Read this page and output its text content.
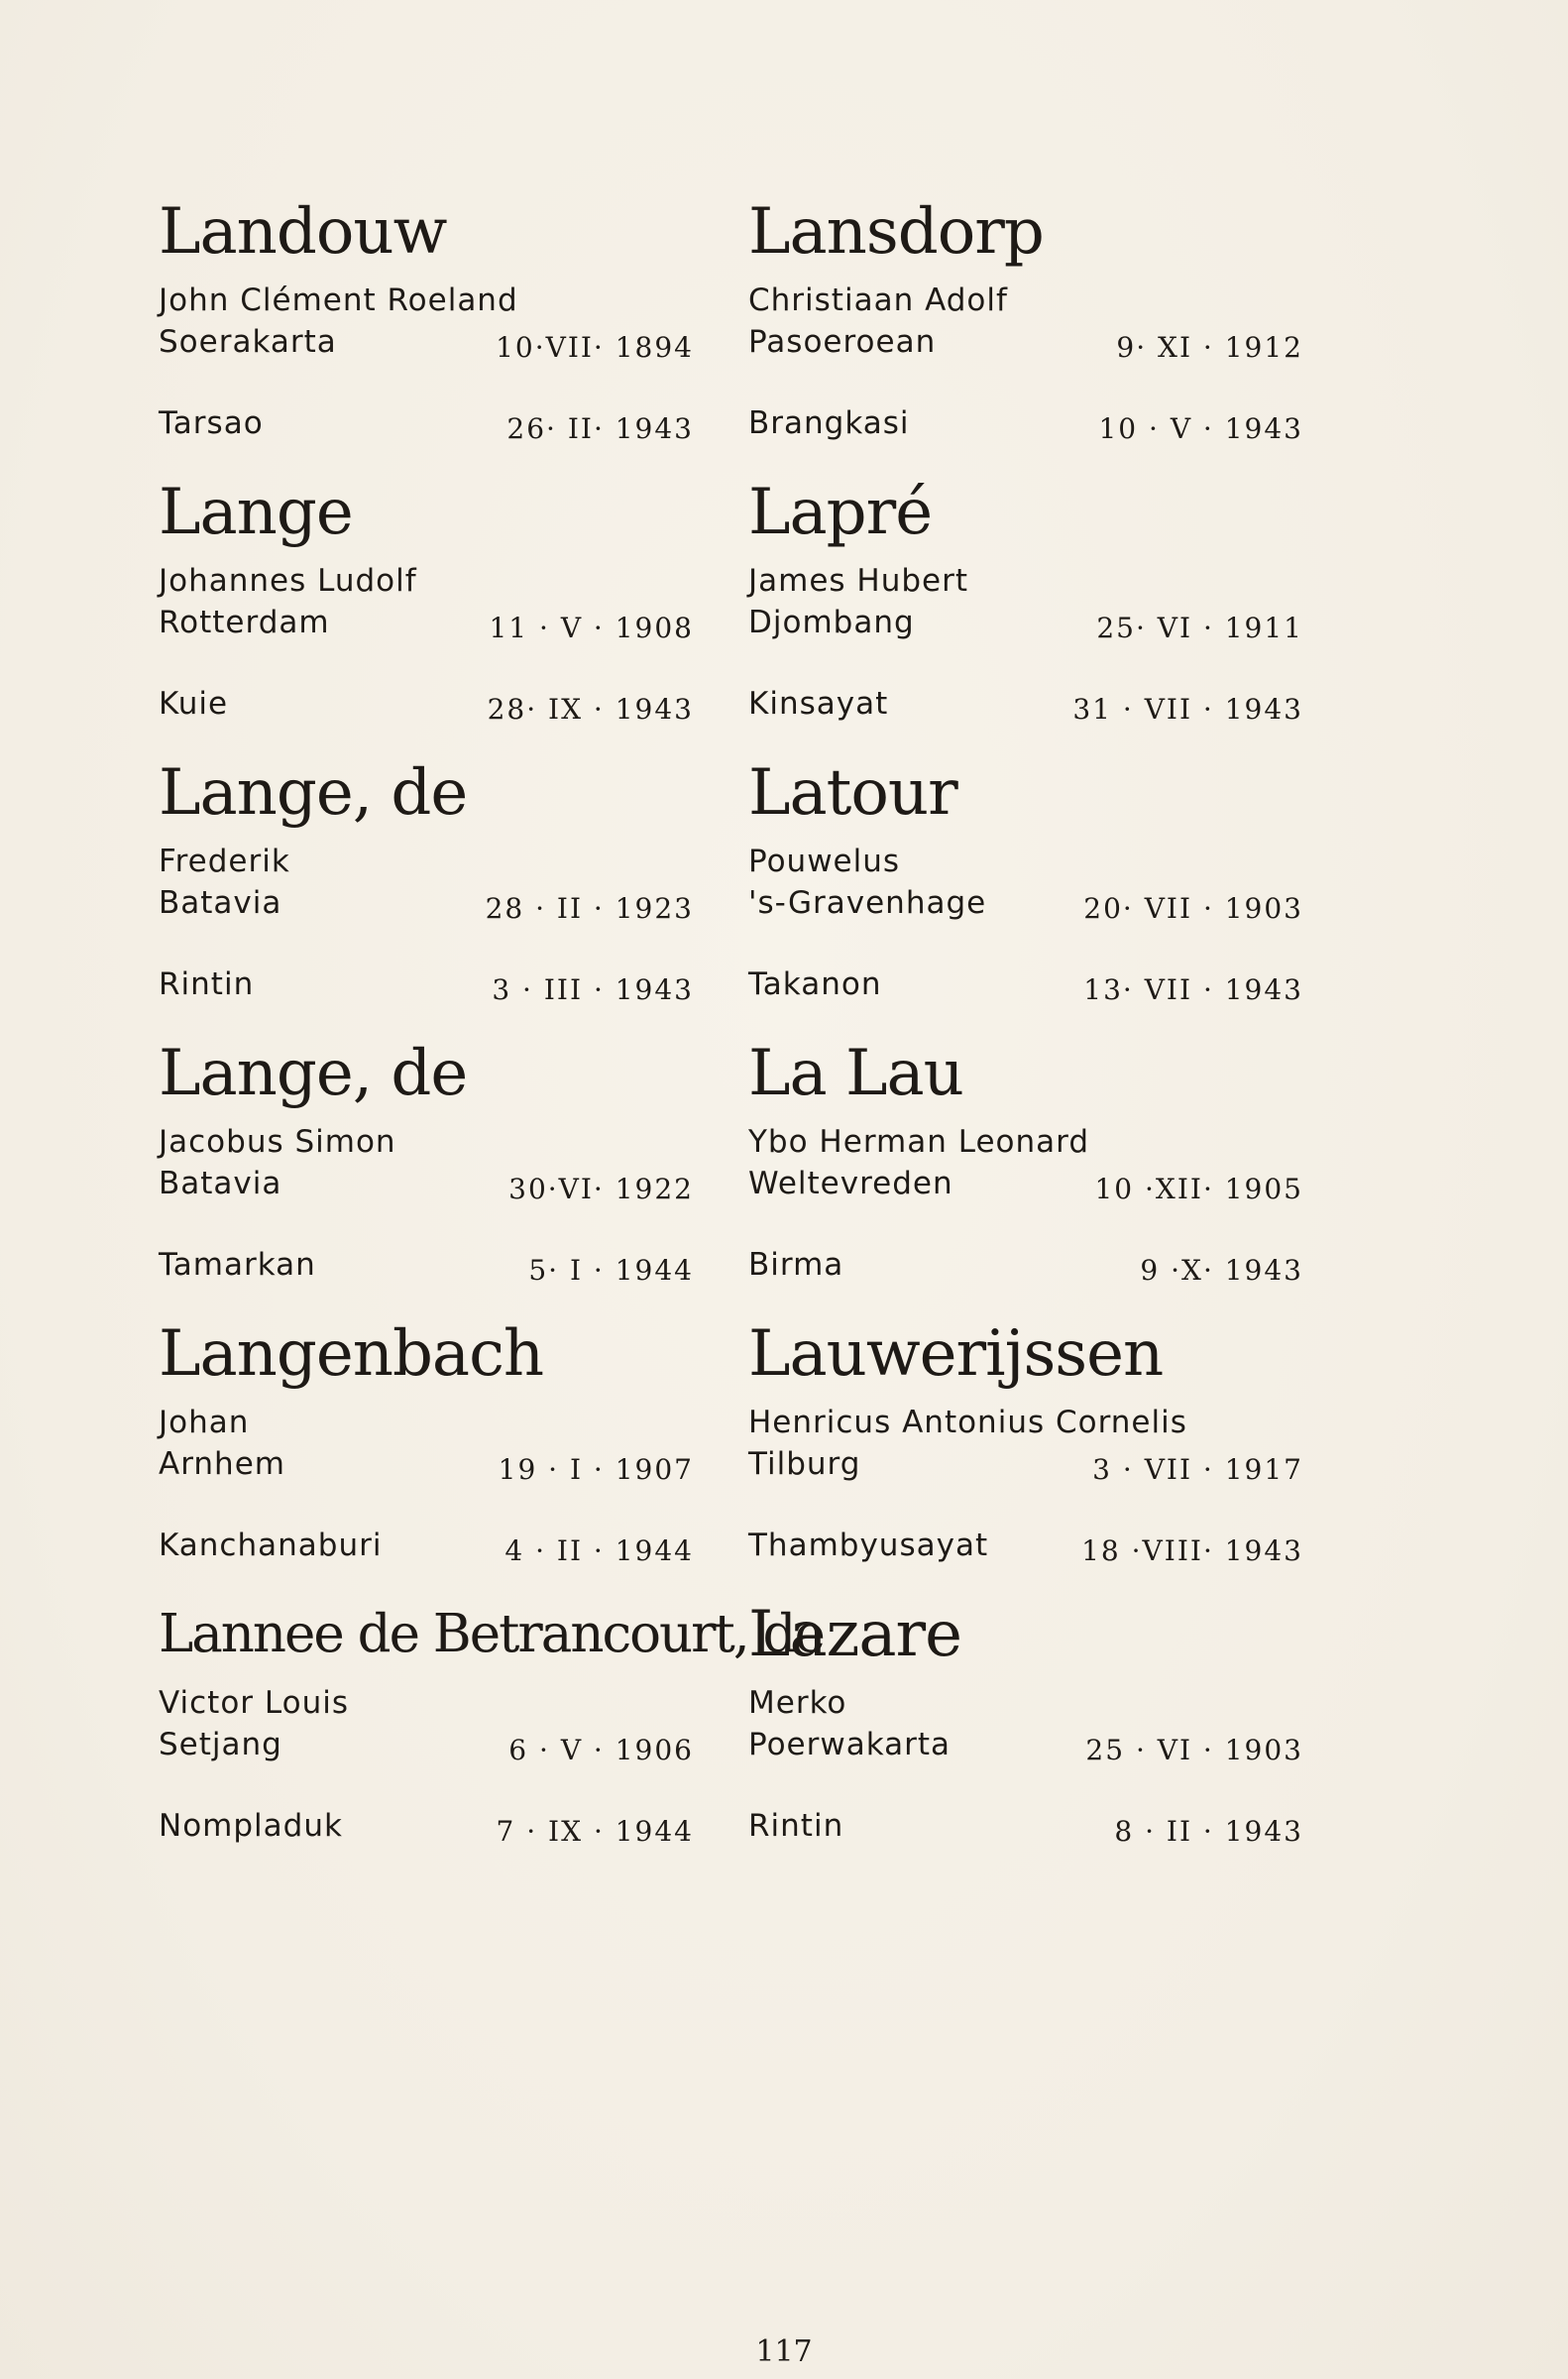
Landouw
John Clément Roeland
Soerakarta	10·VII· 1894
Tarsao	26· II· 1943
Lange
Johannes Ludolf
Rotterdam	11 · V · 1908
Kuie	28· IX · 1943
Lange, de
Frederik
Batavia	28 · II · 1923
Rintin	3 · III · 1943
Lange, de
Jacobus Simon
Batavia	30·VI· 1922
Tamarkan	5· I · 1944
Langenbach
Johan
Arnhem	19 · I · 1907
Kanchanaburi	4 · II · 1944
Lannee de Betrancourt, de
Victor Louis
Setjang	6 · V · 1906
Nompladuk	7 · IX · 1944
Lansdorp
Christiaan Adolf
Pasoeroean	9· XI · 1912
Brangkasi	10 · V · 1943
Lapré
James Hubert
Djombang	25· VI · 1911
Kinsayat	31 · VII · 1943
Latour
Pouwelus
's-Gravenhage	20· VII · 1903
Takanon	13· VII · 1943
La Lau
Ybo Herman Leonard
Weltevreden	10 ·XII· 1905
Birma	9 ·X· 1943
Lauwerijssen
Henricus Antonius Cornelis
Tilburg	3 · VII · 1917
Thambyusayat	18 ·VIII· 1943
Lazare
Merko
Poerwakarta	25 · VI · 1903
Rintin	8 · II · 1943
117
